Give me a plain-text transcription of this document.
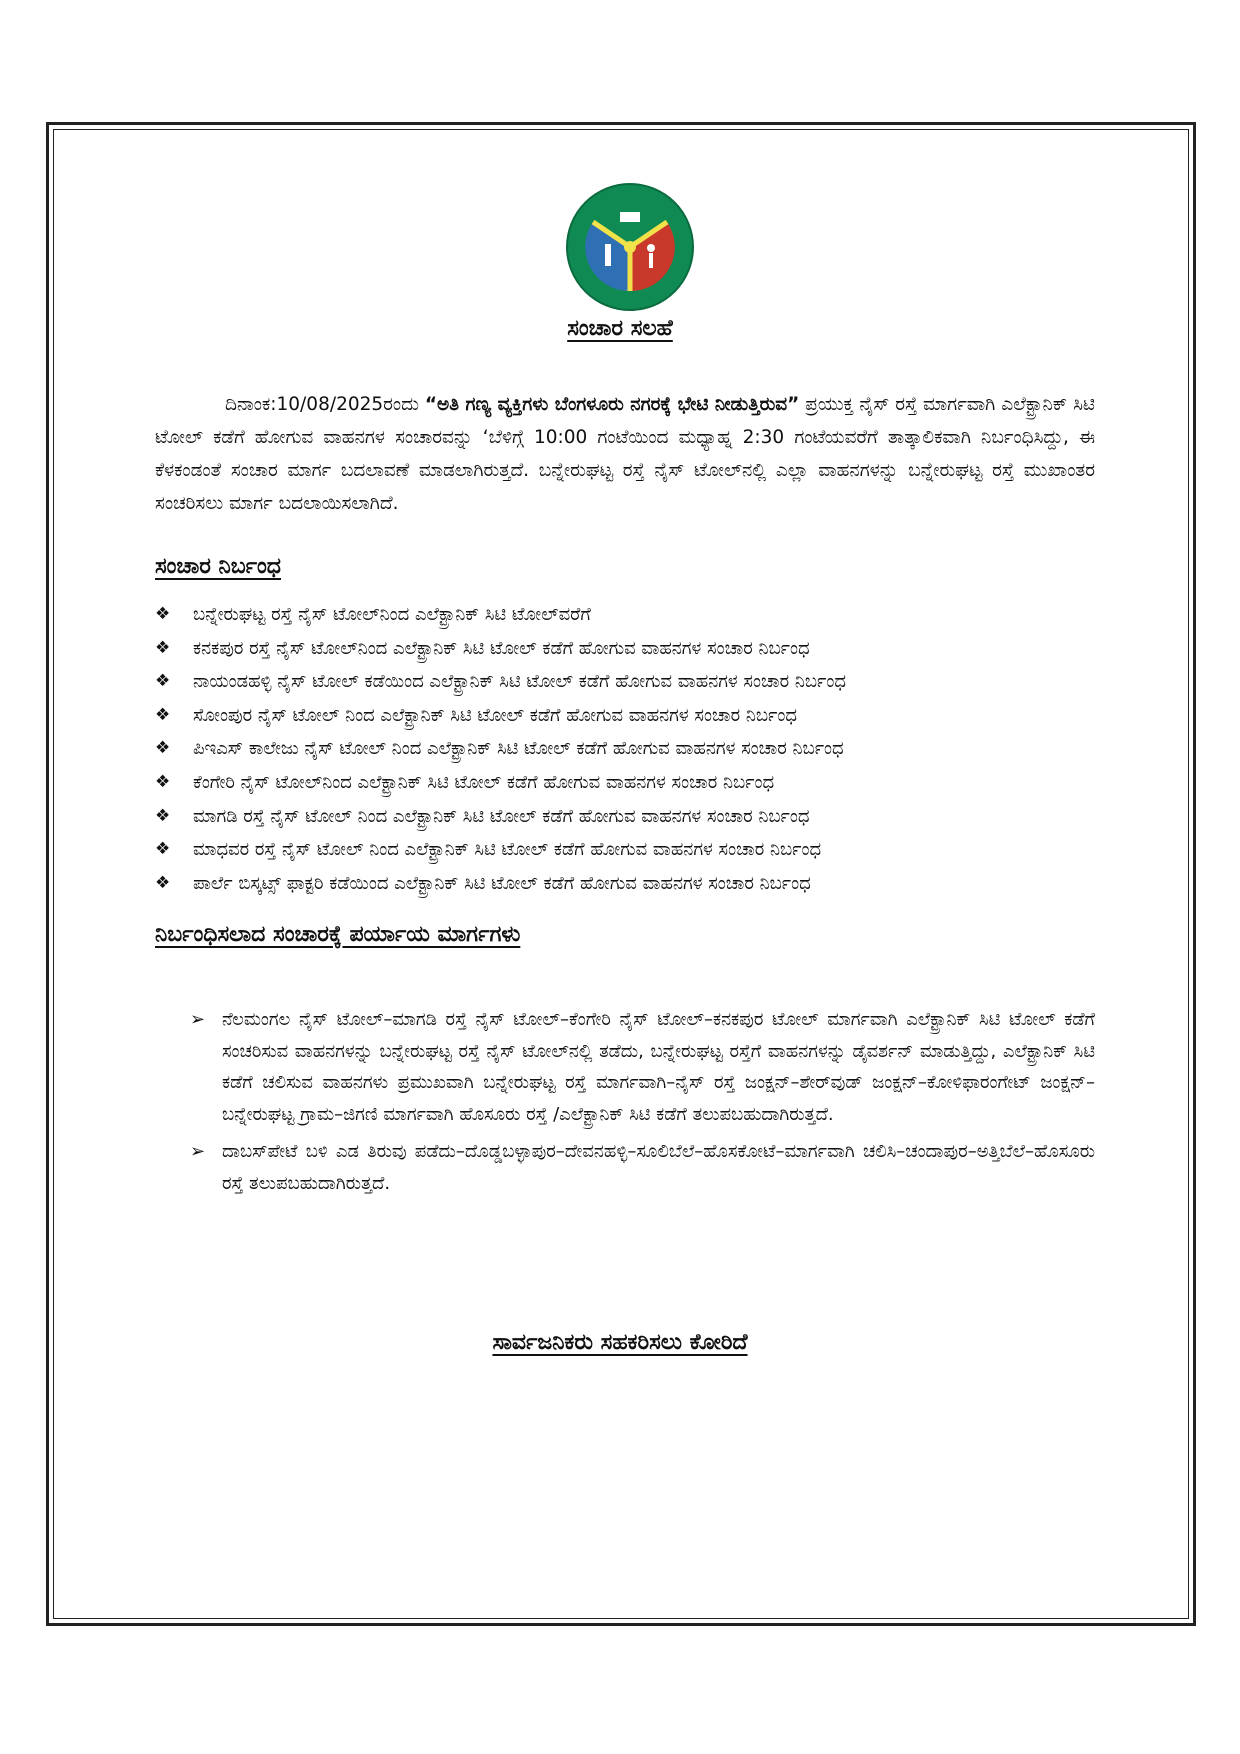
ಸಂಚಾರ ಸಲಹೆ

ದಿನಾಂಕ:10/08/2025ರಂದು “ಅತಿ ಗಣ್ಯ ವ್ಯಕ್ತಿಗಳು ಬೆಂಗಳೂರು ನಗರಕ್ಕೆ ಭೇಟಿ ನೀಡುತ್ತಿರುವ” ಪ್ರಯುಕ್ತ ನೈಸ್ ರಸ್ತೆ ಮಾರ್ಗವಾಗಿ ಎಲೆಕ್ಟ್ರಾನಿಕ್ ಸಿಟಿ ಟೋಲ್ ಕಡೆಗೆ ಹೋಗುವ ವಾಹನಗಳ ಸಂಚಾರವನ್ನು ‘ಬೆಳಿಗ್ಗೆ 10:00 ಗಂಟೆಯಿಂದ ಮಧ್ಯಾಹ್ನ 2:30 ಗಂಟೆಯವರೆಗೆ ತಾತ್ಕಾಲಿಕವಾಗಿ ನಿರ್ಬಂಧಿಸಿದ್ದು, ಈ ಕೆಳಕಂಡಂತೆ ಸಂಚಾರ ಮಾರ್ಗ ಬದಲಾವಣೆ ಮಾಡಲಾಗಿರುತ್ತದೆ. ಬನ್ನೇರುಘಟ್ಟ ರಸ್ತೆ ನೈಸ್ ಟೋಲ್‌ನಲ್ಲಿ ಎಲ್ಲಾ ವಾಹನಗಳನ್ನು ಬನ್ನೇರುಘಟ್ಟ ರಸ್ತೆ ಮುಖಾಂತರ ಸಂಚರಿಸಲು ಮಾರ್ಗ ಬದಲಾಯಿಸಲಾಗಿದೆ.

ಸಂಚಾರ ನಿರ್ಬಂಧ
❖	ಬನ್ನೇರುಘಟ್ಟ ರಸ್ತೆ ನೈಸ್ ಟೋಲ್‌ನಿಂದ ಎಲೆಕ್ಟ್ರಾನಿಕ್ ಸಿಟಿ ಟೋಲ್‌ವರೆಗೆ
❖	ಕನಕಪುರ ರಸ್ತೆ ನೈಸ್ ಟೋಲ್‌ನಿಂದ ಎಲೆಕ್ಟ್ರಾನಿಕ್ ಸಿಟಿ ಟೋಲ್ ಕಡೆಗೆ ಹೋಗುವ ವಾಹನಗಳ ಸಂಚಾರ ನಿರ್ಬಂಧ
❖	ನಾಯಂಡಹಳ್ಳಿ ನೈಸ್ ಟೋಲ್ ಕಡೆಯಿಂದ ಎಲೆಕ್ಟ್ರಾನಿಕ್ ಸಿಟಿ ಟೋಲ್ ಕಡೆಗೆ ಹೋಗುವ ವಾಹನಗಳ ಸಂಚಾರ ನಿರ್ಬಂಧ
❖	ಸೋಂಪುರ ನೈಸ್ ಟೋಲ್ ನಿಂದ ಎಲೆಕ್ಟ್ರಾನಿಕ್ ಸಿಟಿ ಟೋಲ್ ಕಡೆಗೆ ಹೋಗುವ ವಾಹನಗಳ ಸಂಚಾರ ನಿರ್ಬಂಧ
❖	ಪಿಇಎಸ್ ಕಾಲೇಜು ನೈಸ್ ಟೋಲ್ ನಿಂದ ಎಲೆಕ್ಟ್ರಾನಿಕ್ ಸಿಟಿ ಟೋಲ್ ಕಡೆಗೆ ಹೋಗುವ ವಾಹನಗಳ ಸಂಚಾರ ನಿರ್ಬಂಧ
❖	ಕೆಂಗೇರಿ ನೈಸ್ ಟೋಲ್‌ನಿಂದ ಎಲೆಕ್ಟ್ರಾನಿಕ್ ಸಿಟಿ ಟೋಲ್ ಕಡೆಗೆ ಹೋಗುವ ವಾಹನಗಳ ಸಂಚಾರ ನಿರ್ಬಂಧ
❖	ಮಾಗಡಿ ರಸ್ತೆ ನೈಸ್ ಟೋಲ್ ನಿಂದ ಎಲೆಕ್ಟ್ರಾನಿಕ್ ಸಿಟಿ ಟೋಲ್ ಕಡೆಗೆ ಹೋಗುವ ವಾಹನಗಳ ಸಂಚಾರ ನಿರ್ಬಂಧ
❖	ಮಾಧವರ ರಸ್ತೆ ನೈಸ್ ಟೋಲ್ ನಿಂದ ಎಲೆಕ್ಟ್ರಾನಿಕ್ ಸಿಟಿ ಟೋಲ್ ಕಡೆಗೆ ಹೋಗುವ ವಾಹನಗಳ ಸಂಚಾರ ನಿರ್ಬಂಧ
❖	ಪಾರ್ಲೆ ಬಿಸ್ಕಟ್ಸ್ ಫಾಕ್ಟರಿ ಕಡೆಯಿಂದ ಎಲೆಕ್ಟ್ರಾನಿಕ್ ಸಿಟಿ ಟೋಲ್ ಕಡೆಗೆ ಹೋಗುವ ವಾಹನಗಳ ಸಂಚಾರ ನಿರ್ಬಂಧ
ನಿರ್ಬಂಧಿಸಲಾದ ಸಂಚಾರಕ್ಕೆ ಪರ್ಯಾಯ ಮಾರ್ಗಗಳು
➢ ನೆಲಮಂಗಲ ನೈಸ್ ಟೋಲ್–ಮಾಗಡಿ ರಸ್ತೆ ನೈಸ್ ಟೋಲ್–ಕೆಂಗೇರಿ ನೈಸ್ ಟೋಲ್–ಕನಕಪುರ ಟೋಲ್ ಮಾರ್ಗವಾಗಿ ಎಲೆಕ್ಟ್ರಾನಿಕ್ ಸಿಟಿ ಟೋಲ್ ಕಡೆಗೆ ಸಂಚರಿಸುವ ವಾಹನಗಳನ್ನು ಬನ್ನೇರುಘಟ್ಟ ರಸ್ತೆ ನೈಸ್ ಟೋಲ್‌ನಲ್ಲಿ ತಡೆದು, ಬನ್ನೇರುಘಟ್ಟ ರಸ್ತೆಗೆ ವಾಹನಗಳನ್ನು ಡೈವರ್ಶನ್ ಮಾಡುತ್ತಿದ್ದು, ಎಲೆಕ್ಟ್ರಾನಿಕ್ ಸಿಟಿ ಕಡೆಗೆ ಚಲಿಸುವ ವಾಹನಗಳು ಪ್ರಮುಖವಾಗಿ ಬನ್ನೇರುಘಟ್ಟ ರಸ್ತೆ ಮಾರ್ಗವಾಗಿ–ನೈಸ್ ರಸ್ತೆ ಜಂಕ್ಷನ್–ಶೇರ್‌ವುಡ್ ಜಂಕ್ಷನ್–ಕೋಳಿಫಾರಂಗೇಟ್ ಜಂಕ್ಷನ್–ಬನ್ನೇರುಘಟ್ಟ ಗ್ರಾಮ–ಜಿಗಣಿ ಮಾರ್ಗವಾಗಿ ಹೊಸೂರು ರಸ್ತೆ /ಎಲೆಕ್ಟ್ರಾನಿಕ್ ಸಿಟಿ ಕಡೆಗೆ ತಲುಪಬಹುದಾಗಿರುತ್ತದೆ.
➢ ದಾಬಸ್‌ಪೇಟೆ ಬಳಿ ಎಡ ತಿರುವು ಪಡೆದು–ದೊಡ್ಡಬಳ್ಳಾಪುರ–ದೇವನಹಳ್ಳಿ–ಸೂಲಿಬೆಲೆ–ಹೊಸಕೋಟೆ–ಮಾರ್ಗವಾಗಿ ಚಲಿಸಿ–ಚಂದಾಪುರ–ಅತ್ತಿಬೆಲೆ–ಹೊಸೂರು ರಸ್ತೆ ತಲುಪಬಹುದಾಗಿರುತ್ತದೆ.
ಸಾರ್ವಜನಿಕರು ಸಹಕರಿಸಲು ಕೋರಿದೆ
